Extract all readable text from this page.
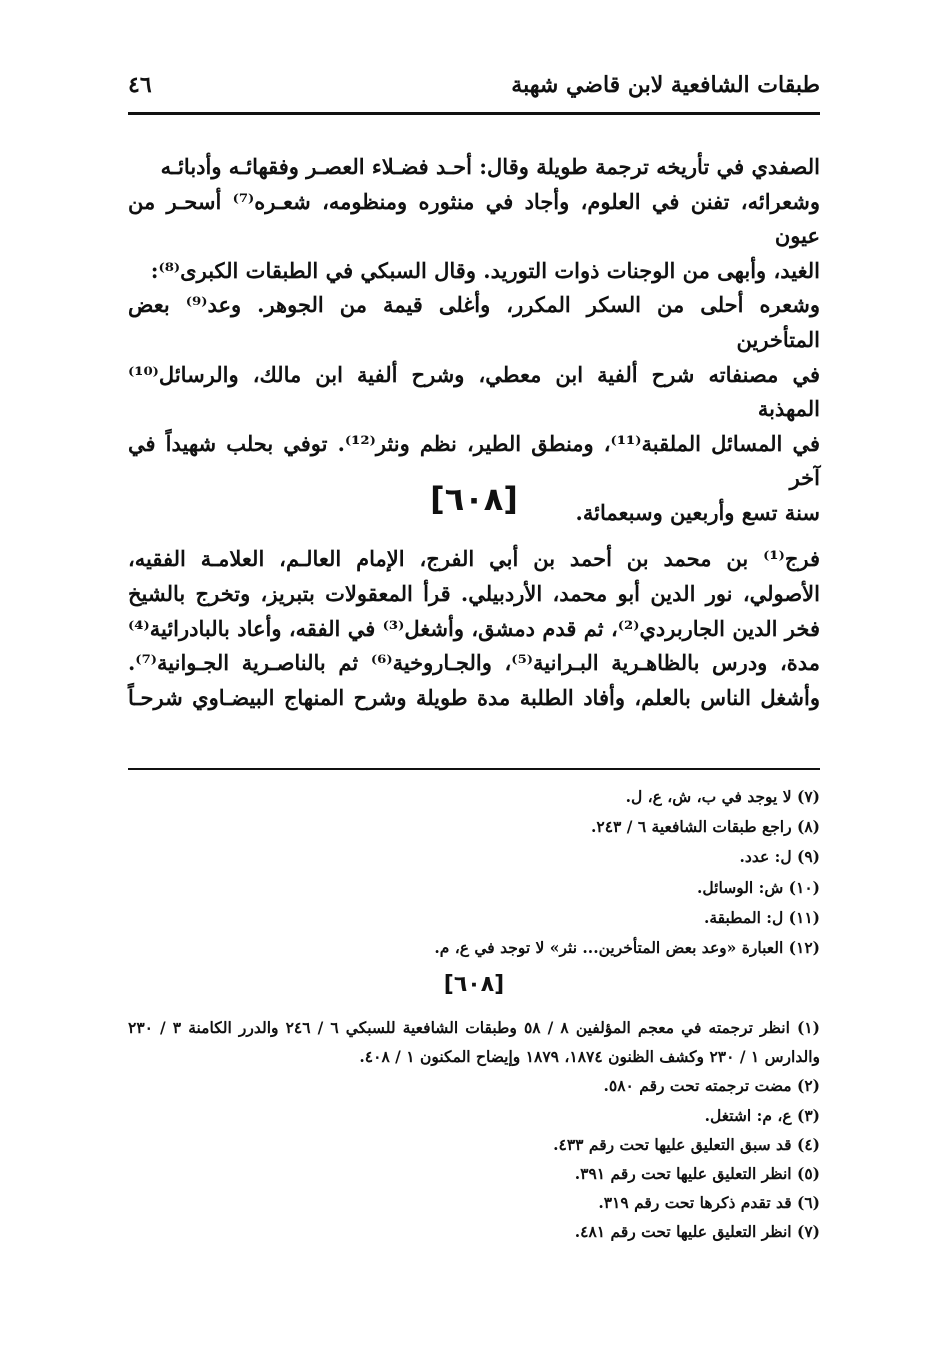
طبقات الشافعية لابن قاضي شهبة
٤٦

الصفدي في تأريخه ترجمة طويلة وقال: أحـد فضـلاء العصـر وفقهائـه وأدبائـه

وشعرائه، تفنن في العلوم، وأجاد في منثوره ومنظومه، شعـره⁽⁷⁾ أسحـر من عيون

الغيد، وأبهى من الوجنات ذوات التوريد. وقال السبكي في الطبقات الكبرى⁽⁸⁾:

وشعره أحلى من السكر المكرر، وأغلى قيمة من الجوهر. وعد⁽⁹⁾ بعض المتأخرين

في مصنفاته شرح ألفية ابن معطي، وشرح ألفية ابن مالك، والرسائل⁽¹⁰⁾ المهذبة

في المسائل الملقبة⁽¹¹⁾، ومنطق الطير، نظم ونثر⁽¹²⁾. توفي بحلب شهيداً في آخر

سنة تسع وأربعين وسبعمائة.

[٦٠٨]

فرج⁽¹⁾ بن محمد بن أحمد بن أبي الفرج، الإمام العالـم، العلامـة الفقيه،

الأصولي، نور الدين أبو محمد، الأردبيلي. قرأ المعقولات بتبريز، وتخرج بالشيخ

فخر الدين الجاربردي⁽²⁾، ثم قدم دمشق، وأشغل⁽³⁾ في الفقه، وأعاد بالبادرائية⁽⁴⁾

مدة، ودرس بالظاهـرية البـرانية⁽⁵⁾، والجـاروخية⁽⁶⁾ ثم بالناصـرية الجـوانية⁽⁷⁾.

وأشغل الناس بالعلم، وأفاد الطلبة مدة طويلة وشرح المنهاج البيضـاوي شرحـاً

(٧) لا يوجد في ب، ش، ع، ل.

(٨) راجع طبقات الشافعية ٦ / ٢٤٣.

(٩) ل: عدد.

(١٠) ش: الوسائل.

(١١) ل: المطبقة.

(١٢) العبارة «وعد بعض المتأخرين... نثر» لا توجد في ع، م.

[٦٠٨]

(١) انظر ترجمته في معجم المؤلفين ٨ / ٥٨ وطبقات الشافعية للسبكي ٦ / ٢٤٦ والدرر الكامنة ٣ / ٢٣٠ والدارس ١ / ٢٣٠ وكشف الظنون ١٨٧٤، ١٨٧٩ وإيضاح المكنون ١ / ٤٠٨.

(٢) مضت ترجمته تحت رقم ٥٨٠.

(٣) ع، م: اشتغل.

(٤) قد سبق التعليق عليها تحت رقم ٤٣٣.

(٥) انظر التعليق عليها تحت رقم ٣٩١.

(٦) قد تقدم ذكرها تحت رقم ٣١٩.

(٧) انظر التعليق عليها تحت رقم ٤٨١.
